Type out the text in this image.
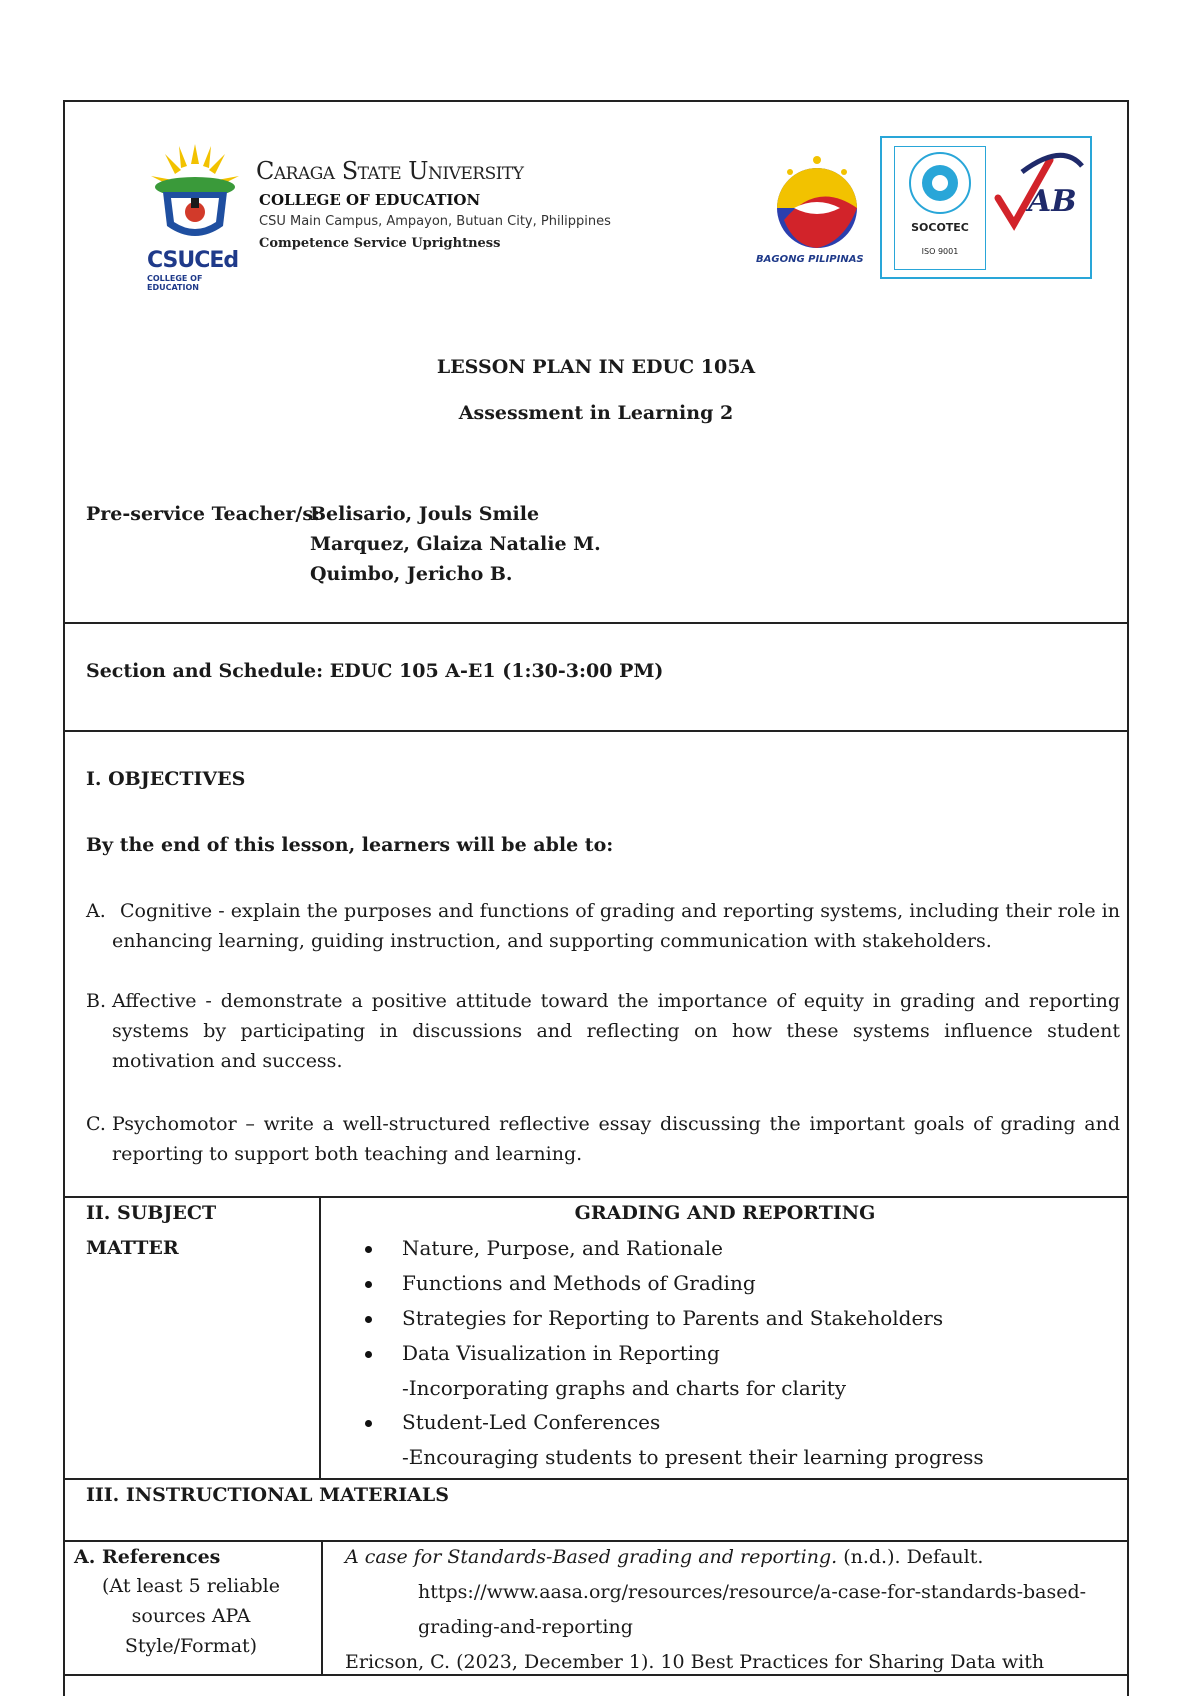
CSUCEd
COLLEGE OF EDUCATION
Caraga State University
COLLEGE OF EDUCATION
CSU Main Campus, Ampayon, Butuan City, Philippines
Competence Service Uprightness
BAGONG PILIPINAS
SOCOTEC
ISO 9001
AB
LESSON PLAN IN EDUC 105A
Assessment in Learning 2
Pre-service Teacher/s:
Belisario, Jouls Smile
Marquez, Glaiza Natalie M.
Quimbo, Jericho B.
Section and Schedule: EDUC 105 A-E1 (1:30-3:00 PM)
I. OBJECTIVES
By the end of this lesson, learners will be able to:
A. Cognitive - explain the purposes and functions of grading and reporting systems, including their role in enhancing learning, guiding instruction, and supporting communication with stakeholders.
B. Affective - demonstrate a positive attitude toward the importance of equity in grading and reporting systems by participating in discussions and reflecting on how these systems influence student motivation and success.
C. Psychomotor – write a well-structured reflective essay discussing the important goals of grading and reporting to support both teaching and learning.
II. SUBJECT
MATTER
GRADING AND REPORTING
Nature, Purpose, and Rationale
Functions and Methods of Grading
Strategies for Reporting to Parents and Stakeholders
Data Visualization in Reporting
-Incorporating graphs and charts for clarity
Student-Led Conferences
-Encouraging students to present their learning progress
III. INSTRUCTIONAL MATERIALS
A. References
(At least 5 reliable
sources APA
Style/Format)
A case for Standards-Based grading and reporting. (n.d.). Default.
https://www.aasa.org/resources/resource/a-case-for-standards-based-
grading-and-reporting
Ericson, C. (2023, December 1). 10 Best Practices for Sharing Data with
